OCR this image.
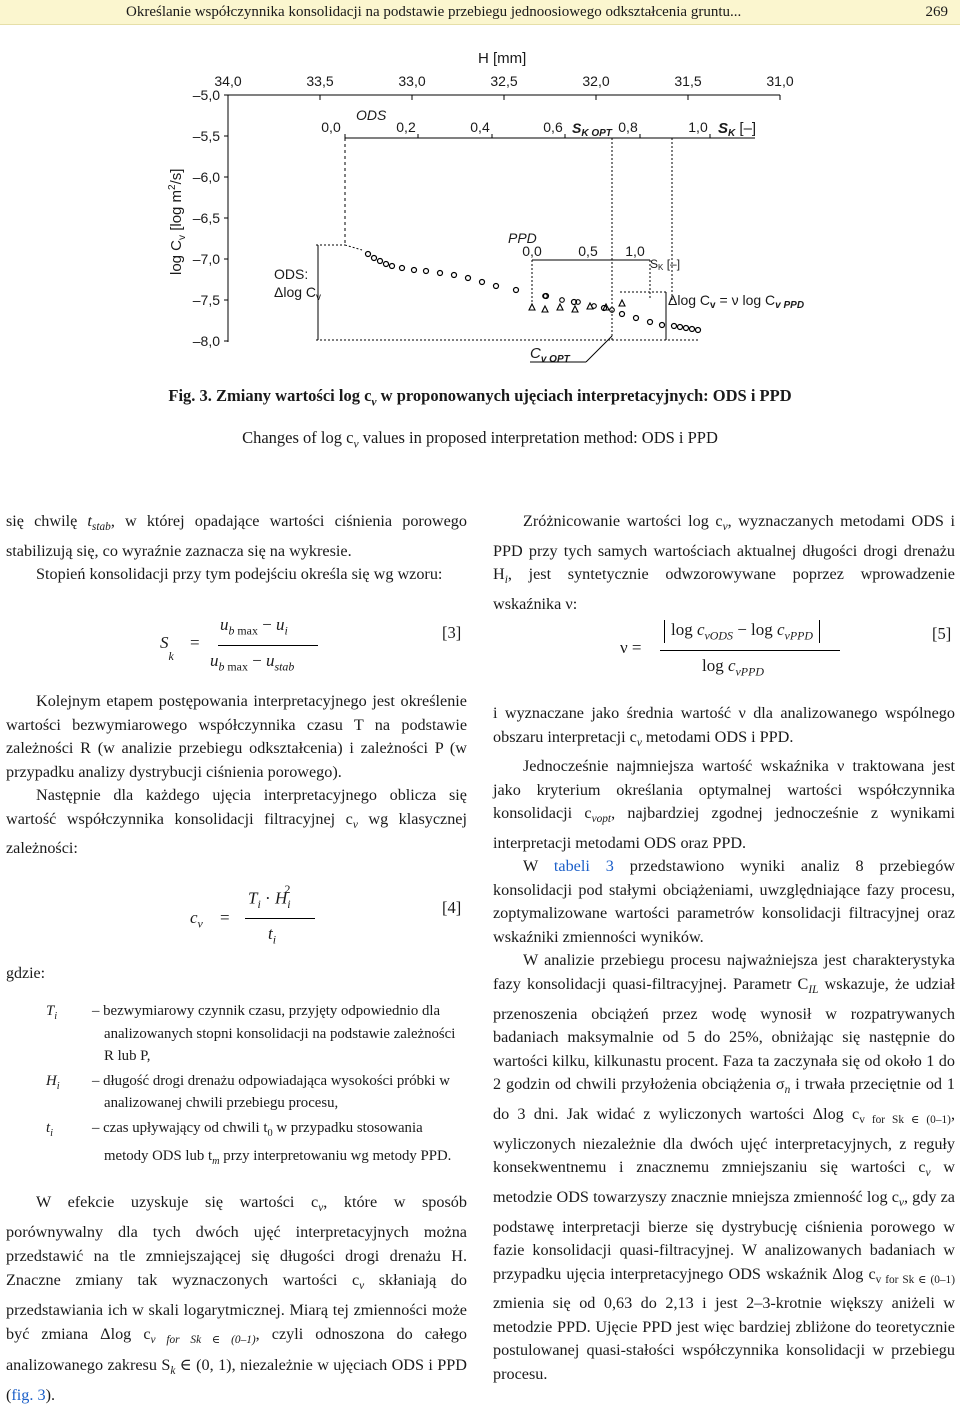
Określanie współczynnika konsolidacji na podstawie przebiegu jednoosiowego odkształcenia gruntu...	269
H [mm]
34,0	33,5	33,0	32,5	32,0	31,5	31,0
–5,0
–5,5
–6,0
–6,5
–7,0
–7,5
–8,0
$\log C_v$ [log $m^2/s$]
ODS
0,0	0,2	0,4	0,6	0,8	1,0
$S_{K OPT}$	$S_K$ [–]
ODS:
Δlog $C_v$
PPD
0,0	0,5 1,0
SK [–]
Δlog $C_v = \nu$ $\log C_{v PPD}$
$C_{v OPT}$
Fig. 3. Zmiany wartości $\log c_v$ w proponowanych ujęciach interpretacyjnych: ODS i PPD
Changes of $\log c_v$ values in proposed interpretation method: ODS i PPD

się chwilę $t_{stab}$, w której opadające wartości ciśnienia porowego stabilizują się, co wyraźnie zaznacza się na wykresie.

Stopień konsolidacji przy tym podejściu określa się wg wzoru:

$S_k$
=
$u_{b max} - u_i$
$u_{b max} - u_{stab}$
[3]

Kolejnym etapem postępowania interpretacyjnego jest określenie wartości bezwymiarowego współczynnika czasu T na podstawie zależności R (w analizie przebiegu odkształcenia) i zależności P (w przypadku analizy dystrybucji ciśnienia porowego).

Następnie dla każdego ujęcia interpretacyjnego oblicza się wartość współczynnika konsolidacji filtracyjnej $c_v$ wg klasycznej zależności:

$c_v$ =
$T_i \cdot H_i^2$
$t_i$
[4]
gdzie:
$T_i$ – bezwymiarowy czynnik czasu, przyjęty odpowiednio dla analizowanych stopni konsolidacji na podstawie zależności R lub P,
$H_i$ – długość drogi drenażu odpowiadająca wysokości próbki w analizowanej chwili przebiegu procesu,
$t_i$	– czas upływający od chwili $t_0$ w przypadku stosowania metody ODS lub $t_m$ przy interpretowaniu wg metody PPD.

W efekcie uzyskuje się wartości $c_v$, które w sposób porównywalny dla tych dwóch ujęć interpretacyjnych można przedstawić na tle zmniejszającej się długości drogi drenażu H. Znaczne zmiany tak wyznaczonych wartości $c_v$ skłaniają do przedstawiania ich w skali logarytmicznej. Miarą tej zmienności może być zmiana Δlog $c_{v for Sk \in (0-1)}$, czyli odnoszona do całego analizowanego zakresu $S_k$ ∈ (0, 1), niezależnie w ujęciach ODS i PPD (fig. 3).

Zróżnicowanie wartości $\log c_v$, wyznaczanych metodami ODS i PPD przy tych samych wartościach aktualnej długości drogi drenażu $H_i$, jest syntetycznie odwzorowywane poprzez wprowadzenie wskaźnika ν:

ν =
$\log c_{vODS} - \log c_{vPPD}$
$\log c_{vPPD}$
[5]

i wyznaczane jako średnia wartość ν dla analizowanego wspólnego obszaru interpretacji $c_v$ metodami ODS i PPD.

Jednocześnie najmniejsza wartość wskaźnika ν traktowana jest jako kryterium określania optymalnej wartości współczynnika konsolidacji $c_{vopt}$, najbardziej zgodnej jednocześnie z wynikami interpretacji metodami ODS oraz PPD.

W tabeli 3 przedstawiono wyniki analiz 8 przebiegów konsolidacji pod stałymi obciążeniami, uwzględniające fazy procesu, zoptymalizowane wartości parametrów konsolidacji filtracyjnej oraz wskaźniki zmienności wyników.

W analizie przebiegu procesu najważniejsza jest charakterystyka fazy konsolidacji quasi-filtracyjnej. Parametr $C_{IL}$ wskazuje, że udział przenoszenia obciążeń przez wodę wynosił w rozpatrywanych badaniach maksymalnie od 5 do 25%, obniżając się następnie do wartości kilku, kilkunastu procent. Faza ta zaczynała się od około 1 do 2 godzin od chwili przyłożenia obciążenia $\sigma_n$ i trwała przeciętnie od 1 do 3 dni. Jak widać z wyliczonych wartości Δlog $c_{v for Sk \in (0-1)}$, wyliczonych niezależnie dla dwóch ujęć interpretacyjnych, z reguły konsekwentnemu i znacznemu zmniejszaniu się wartości $c_v$ w metodzie ODS towarzyszy znacznie mniejsza zmienność $\log c_v$, gdy za podstawę interpretacji bierze się dystrybucję ciśnienia porowego w fazie konsolidacji quasi-filtracyjnej. W analizowanych badaniach w przypadku ujęcia interpretacyjnego ODS wskaźnik Δlog $c_{v for Sk \in (0-1)}$ zmienia się od 0,63 do 2,13 i jest 2–3-krotnie większy aniżeli w metodzie PPD. Ujęcie PPD jest więc bardziej zbliżone do teoretycznie postulowanej quasi-stałości współczynnika konsolidacji w przebiegu procesu.
